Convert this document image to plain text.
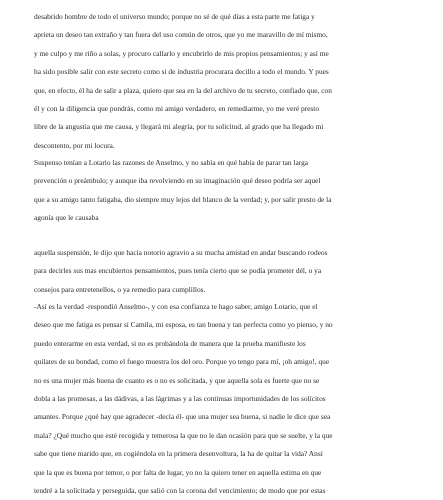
desabrido hombre de todo el universo mundo; porque no sé de qué días a esta parte me fatiga y
aprieta un deseo tan extraño y tan fuera del uso común de otros, que yo me maravillo de mí mismo,
y me culpo y me riño a solas, y procuro callarlo y encubrirlo de mis propios pensamientos; y así me
ha sido posible salir con este secreto como si de industria procurara decillo a todo el mundo. Y pues
que, en efecto, él ha de salir a plaza, quiero que sea en la del archivo de tu secreto, confiado que, con
él y con la diligencia que pondrás, como mi amigo verdadero, en remediarme, yo me veré presto
libre de la angustia que me causa, y llegará mi alegría, por tu solicitud, al grado que ha llegado mi
descontento, por mi locura.
Suspenso tenían a Lotario las razones de Anselmo, y no sabía en qué había de parar tan larga
prevención o preámbulo; y aunque iba revolviendo en su imaginación qué deseo podría ser aquel
que a su amigo tanto fatigaba, dio siempre muy lejos del blanco de la verdad; y, por salir presto de la
agonía que le causaba
aquella suspensión, le dijo que hacía notorio agravio a su mucha amistad en andar buscando rodeos
para decirles sus mas encubiertos pensamientos, pues tenía cierto que se podía prometer dél, o ya
consejos para entretenellos, o ya remedio para cumplillos.
-Así es la verdad -respondió Anselmo-, y con esa confianza te hago saber, amigo Lotario, que el
deseo que me fatiga es pensar si Camila, mi esposa, es tan buena y tan perfecta como yo pienso, y no
puedo enterarme en esta verdad, si no es probándola de manera que la prueba manifieste los
quilates de su bondad, como el fuego muestra los del oro. Porque yo tengo para mí, ¡oh amigo!, que
no es una mujer más buena de cuanto es o no es solicitada, y que aquella sola es fuerte que no se
dobla a las promesas, a las dádivas, a las lágrimas y a las continuas importunidades de los solícitos
amantes. Porque ¿qué hay que agradecer -decía él- que una mujer sea buena, si nadie le dice que sea
mala? ¿Qué mucho que esté recogida y temerosa la que no le dan ocasión para que se suelte, y la que
sabe que tiene marido que, en cogiéndola en la primera desenvoltura, la ha de quitar la vida? Ansí
que la que es buena por temor, o por falta de lugar, yo no la quiero tener en aquella estima en que
tendré a la solicitada y perseguida, que salió con la corona del vencimiento; de modo que por estas
